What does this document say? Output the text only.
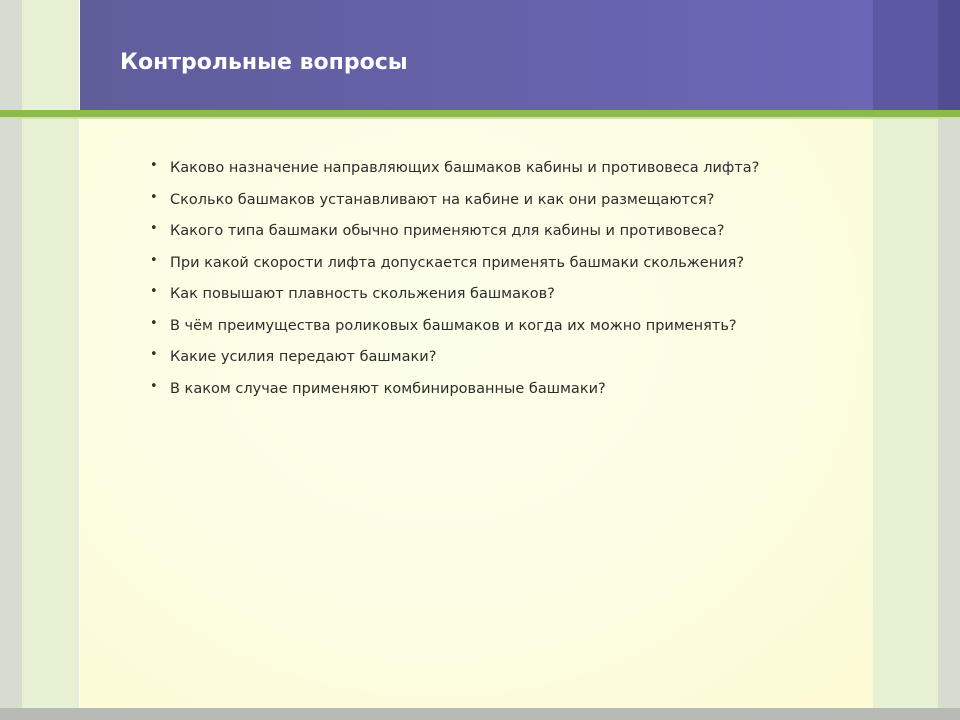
Контрольные вопросы
• Каково назначение направляющих башмаков кабины и противовеса лифта?
• Сколько башмаков устанавливают на кабине и как они размещаются?
• Какого типа башмаки обычно применяются для кабины и противовеса?
• При какой скорости лифта допускается применять башмаки скольжения?
• Как повышают плавность скольжения башмаков?
• В чём преимущества роликовых башмаков и когда их можно применять?
• Какие усилия передают башмаки?
• В каком случае применяют комбинированные башмаки?
